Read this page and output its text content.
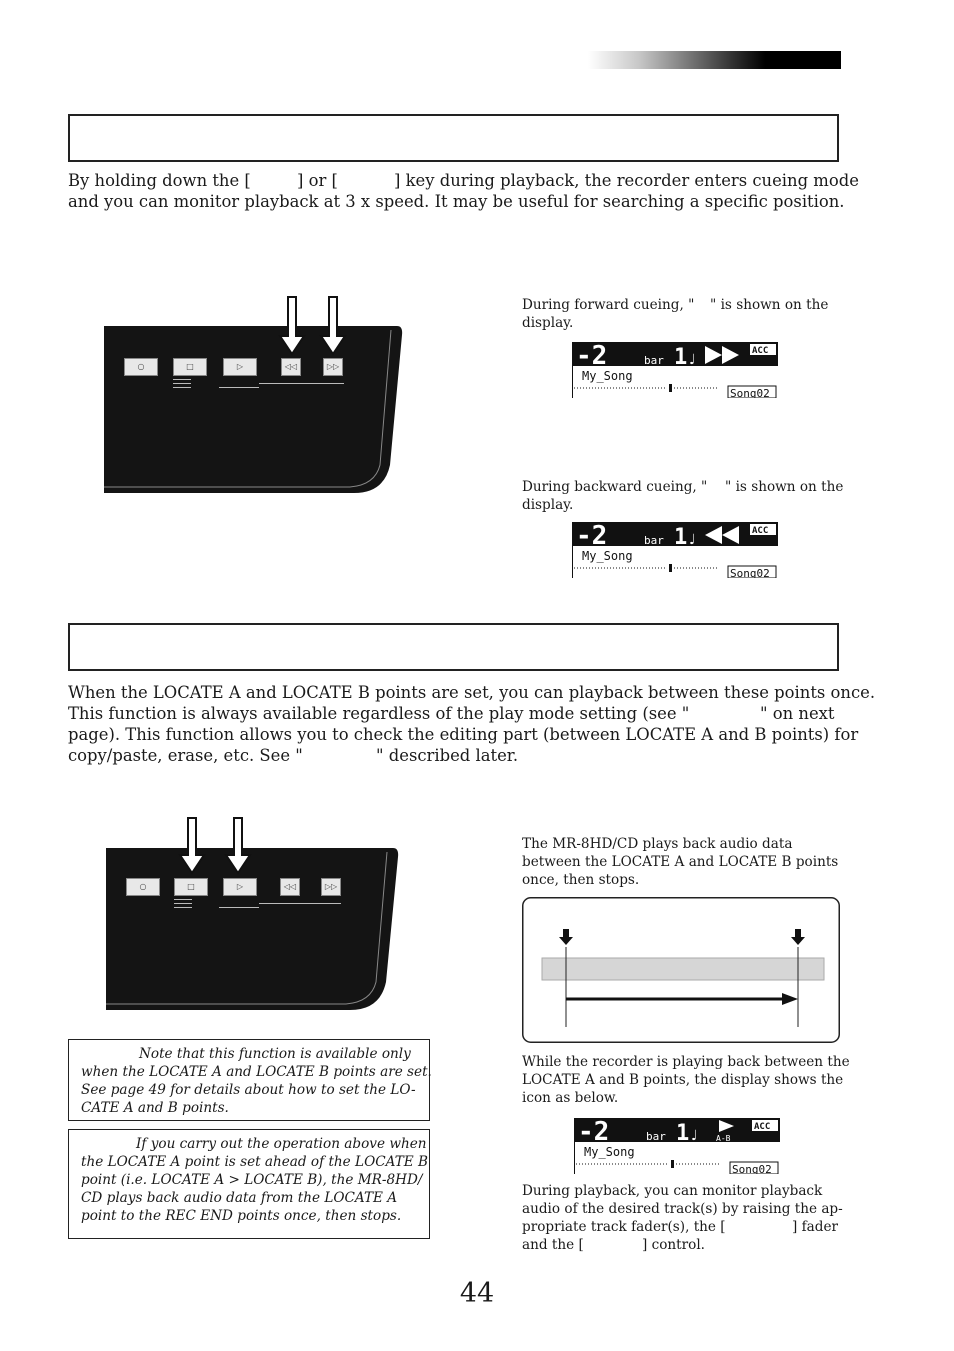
By holding down the [	] or [	] key during playback, the recorder enters cueing mode
and you can monitor playback at 3 x speed. It may be useful for searching a specific position.
○	□	▷	◁◁	▷▷
During forward cueing, " " is shown on the
display.
-2	bar 1 ♩
ACC
My_Song
Song02
During backward cueing, " " is shown on the
display.
-2	bar 1 ♩
ACC
My_Song
Song02
When the LOCATE A and LOCATE B points are set, you can playback between these points once.
This function is always available regardless of the play mode setting (see "	" on next
page). This function allows you to check the editing part (between LOCATE A and B points) for
copy/paste, erase, etc. See "	" described later.
○	□	▷	◁◁	▷▷
The MR-8HD/CD plays back audio data
between the LOCATE A and LOCATE B points
once, then stops.
While the recorder is playing back between the
LOCATE A and B points, the display shows the
icon as below.
-2	bar 1 ♩ A-B
ACC
My_Song
Song02
During playback, you can monitor playback
audio of the desired track(s) by raising the ap-
propriate track fader(s), the [	] fader
and the [	] control.
Note that this function is available only
when the LOCATE A and LOCATE B points are set.
See page 49 for details about how to set the LO-
CATE A and B points.
If you carry out the operation above when
the LOCATE A point is set ahead of the LOCATE B
point (i.e. LOCATE A > LOCATE B), the MR-8HD/
CD plays back audio data from the LOCATE A
point to the REC END points once, then stops.
44
